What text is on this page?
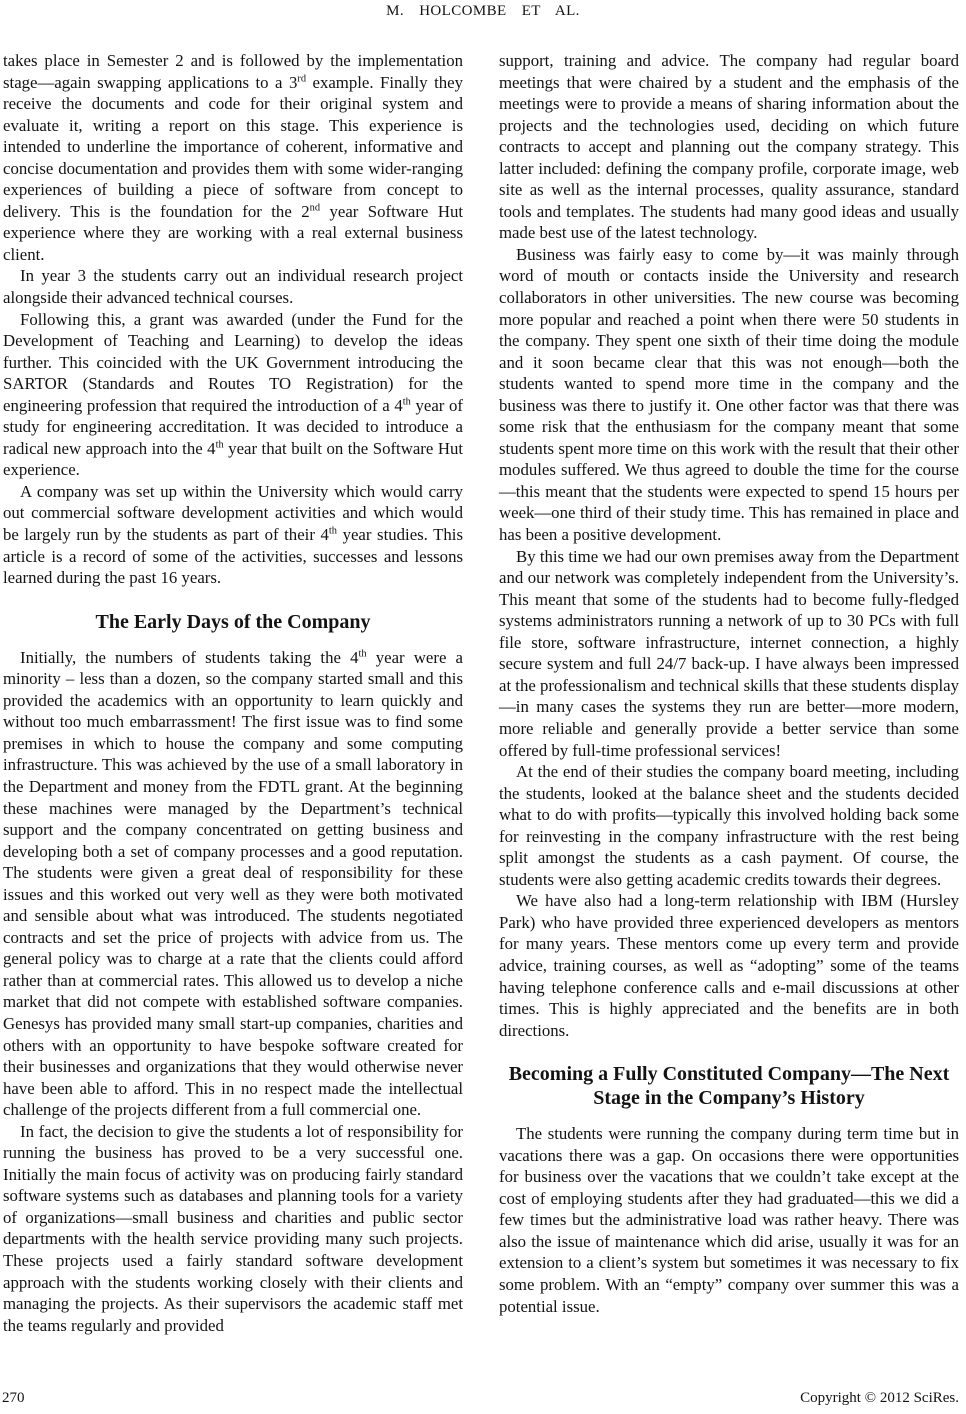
M. HOLCOMBE ET AL.

takes place in Semester 2 and is followed by the implementation stage—again swapping applications to a 3rd example. Finally they receive the documents and code for their original system and evaluate it, writing a report on this stage. This experience is intended to underline the importance of coherent, informative and concise documentation and provides them with some wider-ranging experiences of building a piece of software from concept to delivery. This is the foundation for the 2nd year Software Hut experience where they are working with a real external business client.

In year 3 the students carry out an individual research project alongside their advanced technical courses.

Following this, a grant was awarded (under the Fund for the Development of Teaching and Learning) to develop the ideas further. This coincided with the UK Government introducing the SARTOR (Standards and Routes TO Registration) for the engineering profession that required the introduction of a 4th year of study for engineering accreditation. It was decided to introduce a radical new approach into the 4th year that built on the Software Hut experience.

A company was set up within the University which would carry out commercial software development activities and which would be largely run by the students as part of their 4th year studies. This article is a record of some of the activities, successes and lessons learned during the past 16 years.

The Early Days of the Company

Initially, the numbers of students taking the 4th year were a minority – less than a dozen, so the company started small and this provided the academics with an opportunity to learn quickly and without too much embarrassment! The first issue was to find some premises in which to house the company and some computing infrastructure. This was achieved by the use of a small laboratory in the Department and money from the FDTL grant. At the beginning these machines were managed by the Department’s technical support and the company concentrated on getting business and developing both a set of company processes and a good reputation. The students were given a great deal of responsibility for these issues and this worked out very well as they were both motivated and sensible about what was introduced. The students negotiated contracts and set the price of projects with advice from us. The general policy was to charge at a rate that the clients could afford rather than at commercial rates. This allowed us to develop a niche market that did not compete with established software companies. Genesys has provided many small start-up companies, charities and others with an opportunity to have bespoke software created for their businesses and organizations that they would otherwise never have been able to afford. This in no respect made the intellectual challenge of the projects different from a full commercial one.

In fact, the decision to give the students a lot of responsibility for running the business has proved to be a very successful one. Initially the main focus of activity was on producing fairly standard software systems such as databases and planning tools for a variety of organizations—small business and charities and public sector departments with the health service providing many such projects. These projects used a fairly standard software development approach with the students working closely with their clients and managing the projects. As their supervisors the academic staff met the teams regularly and provided

support, training and advice. The company had regular board meetings that were chaired by a student and the emphasis of the meetings were to provide a means of sharing information about the projects and the technologies used, deciding on which future contracts to accept and planning out the company strategy. This latter included: defining the company profile, corporate image, web site as well as the internal processes, quality assurance, standard tools and templates. The students had many good ideas and usually made best use of the latest technology.

Business was fairly easy to come by—it was mainly through word of mouth or contacts inside the University and research collaborators in other universities. The new course was becoming more popular and reached a point when there were 50 students in the company. They spent one sixth of their time doing the module and it soon became clear that this was not enough—both the students wanted to spend more time in the company and the business was there to justify it. One other factor was that there was some risk that the enthusiasm for the company meant that some students spent more time on this work with the result that their other modules suffered. We thus agreed to double the time for the course—this meant that the students were expected to spend 15 hours per week—one third of their study time. This has remained in place and has been a positive development.

By this time we had our own premises away from the Department and our network was completely independent from the University’s. This meant that some of the students had to become fully-fledged systems administrators running a network of up to 30 PCs with full file store, software infrastructure, internet connection, a highly secure system and full 24/7 back-up. I have always been impressed at the professionalism and technical skills that these students display—in many cases the systems they run are better—more modern, more reliable and generally provide a better service than some offered by full-time professional services!

At the end of their studies the company board meeting, including the students, looked at the balance sheet and the students decided what to do with profits—typically this involved holding back some for reinvesting in the company infrastructure with the rest being split amongst the students as a cash payment. Of course, the students were also getting academic credits towards their degrees.

We have also had a long-term relationship with IBM (Hursley Park) who have provided three experienced developers as mentors for many years. These mentors come up every term and provide advice, training courses, as well as “adopting” some of the teams having telephone conference calls and e-mail discussions at other times. This is highly appreciated and the benefits are in both directions.

Becoming a Fully Constituted Company—The Next Stage in the Company’s History

The students were running the company during term time but in vacations there was a gap. On occasions there were opportunities for business over the vacations that we couldn’t take except at the cost of employing students after they had graduated—this we did a few times but the administrative load was rather heavy. There was also the issue of maintenance which did arise, usually it was for an extension to a client’s system but sometimes it was necessary to fix some problem. With an “empty” company over summer this was a potential issue.

270	Copyright © 2012 SciRes.
